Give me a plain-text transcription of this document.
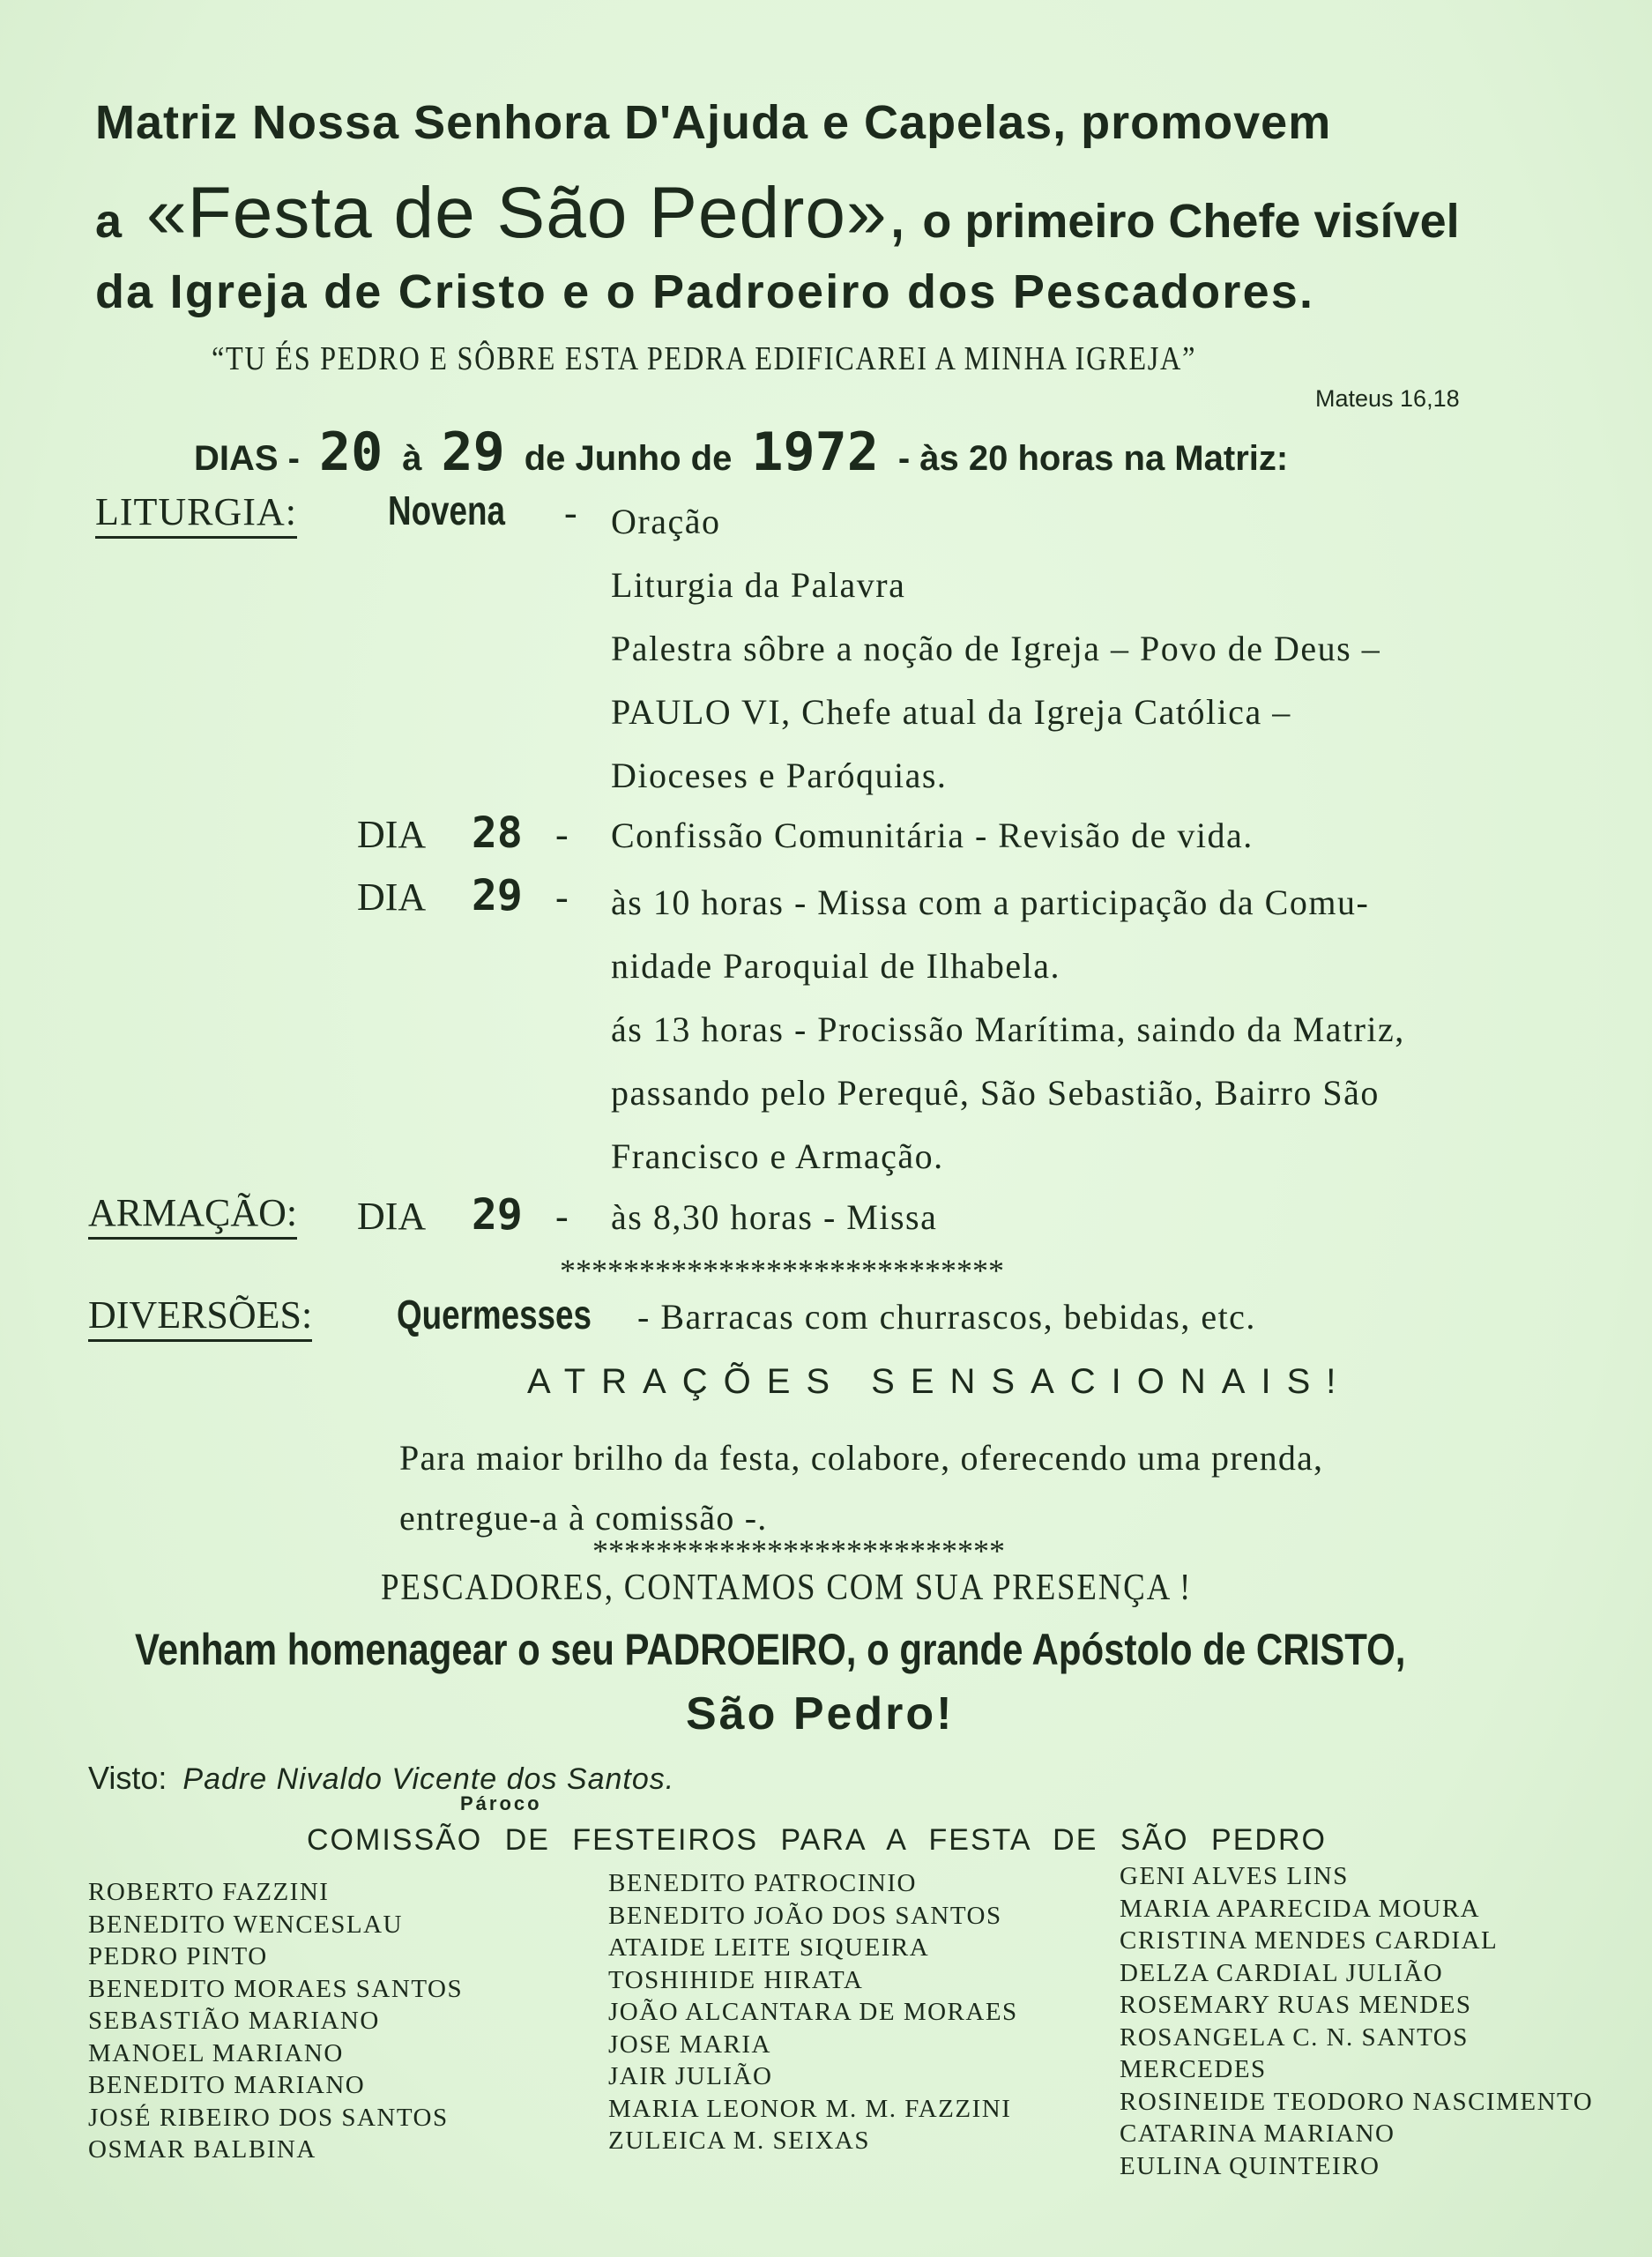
Matriz Nossa Senhora D'Ajuda e Capelas, promovem
a «Festa de São Pedro», o primeiro Chefe visível
da Igreja de Cristo e o Padroeiro dos Pescadores.
“TU ÉS PEDRO E SÔBRE ESTA PEDRA EDIFICAREI A MINHA IGREJA”
Mateus 16,18
DIAS - 20 à 29 de Junho de 1972 - às 20 horas na Matriz:
LITURGIA: Novena	- Oração
Liturgia da Palavra
Palestra sôbre a noção de Igreja – Povo de Deus –
PAULO VI, Chefe atual da Igreja Católica –
Dioceses e Paróquias.
DIA	28 -	Confissão Comunitária - Revisão de vida.
DIA	29 -	às 10 horas - Missa com a participação da Comu-
nidade Paroquial de Ilhabela.
ás 13 horas - Procissão Marítima, saindo da Matriz,
passando pelo Perequê, São Sebastião, Bairro São
Francisco e Armação.
ARMAÇÃO: DIA	29 -	às 8,30 horas - Missa
****************************
DIVERSÕES: Quermesses	- Barracas com churrascos, bebidas, etc.
ATRAÇÕES SENSACIONAIS!
Para maior brilho da festa, colabore, oferecendo uma prenda,
entregue-a à comissão -.
**************************
PESCADORES, CONTAMOS COM SUA PRESENÇA !
Venham homenagear o seu PADROEIRO, o grande Apóstolo de CRISTO,
São Pedro!
Visto: Padre Nivaldo Vicente dos Santos.
Pároco
COMISSÃO DE FESTEIROS PARA A FESTA DE SÃO PEDRO
ROBERTO FAZZINI
BENEDITO WENCESLAU
PEDRO PINTO
BENEDITO MORAES SANTOS
SEBASTIÃO MARIANO
MANOEL MARIANO
BENEDITO MARIANO
JOSÉ RIBEIRO DOS SANTOS
OSMAR BALBINA
BENEDITO PATROCINIO
BENEDITO JOÃO DOS SANTOS
ATAIDE LEITE SIQUEIRA
TOSHIHIDE HIRATA
JOÃO ALCANTARA DE MORAES
JOSE MARIA
JAIR JULIÃO
MARIA LEONOR M. M. FAZZINI
ZULEICA M. SEIXAS
GENI ALVES LINS
MARIA APARECIDA MOURA
CRISTINA MENDES CARDIAL
DELZA CARDIAL JULIÃO
ROSEMARY RUAS MENDES
ROSANGELA C. N. SANTOS
MERCEDES
ROSINEIDE TEODORO NASCIMENTO
CATARINA MARIANO
EULINA QUINTEIRO
